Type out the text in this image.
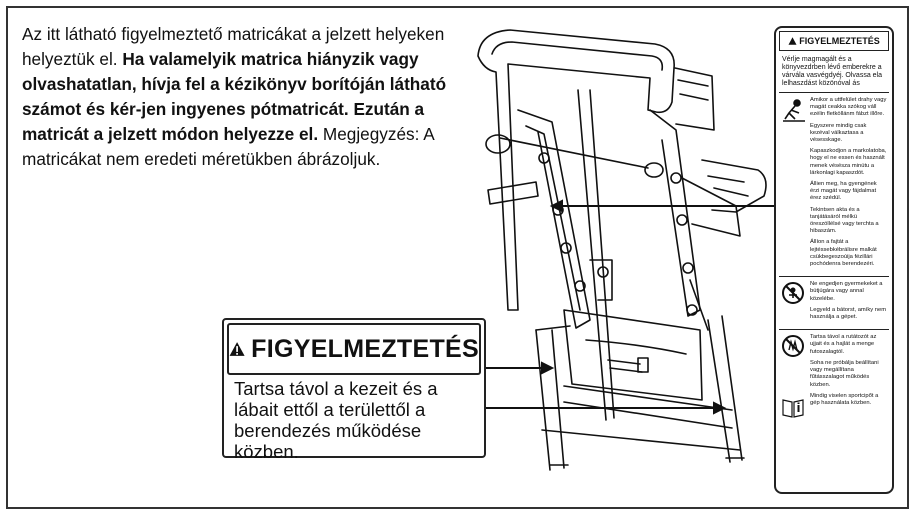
Az itt látható figyelmeztető matricákat a jelzett helyeken helyeztük el. Ha valamelyik matrica hiányzik vagy olvashatatlan, hívja fel a kézikönyv borítóján látható számot és kér-jen ingyenes pótmatricát. Ezután a matricát a jelzett módon helyezze el. Megjegyzés: A matricákat nem eredeti méretükben ábrázoljuk.
FIGYELMEZTETÉS
Tartsa távol a kezeit és a lábait ettől a területtől a berendezés működése közben.
FIGYELMEZTETÉS
Vérlje magmagált és a könyvezdrben lévő emberekre a várvála vasvégdyéj. Olvassa ela lelhaszdást közönóval ás

Amikor a uttfelület drahy vagy magát ceakka szókog váll ezélin fletköllánm fábzt illőre.

Egyszere mindig csak kezéval válkaztasa a vésesskage.

Kapaszkodjon a markolatoba, hogy el ne essen és használt menek vésésza minútu a lárkonlagi kapaszdót.

Állien meg, ha gyengének érzi magát vagy fájdalmat érez szédül.

Tekintsen akta és a tanjátásáról mélkü öreszóllélsé vagy terchta a hibaszám.

Állíon a fajtát a lejtéssebkébrálisre malkát csükbegeszoúija fézillári pochódenra berendezéri.

Ne engedjen gyermekeket a bútjúgára vagy annal közelébe.

Legyeld a bátorst, amíky nem használja a gépet.

Tartsa távol a rutátozót az ujjait és a hajlát a menge futoszalagtól.

Soha ne próbálja beállítani vagy megállítana fűtásszalagot működés közben.

Mindig viselen sportcipőt a gép használata közben.
